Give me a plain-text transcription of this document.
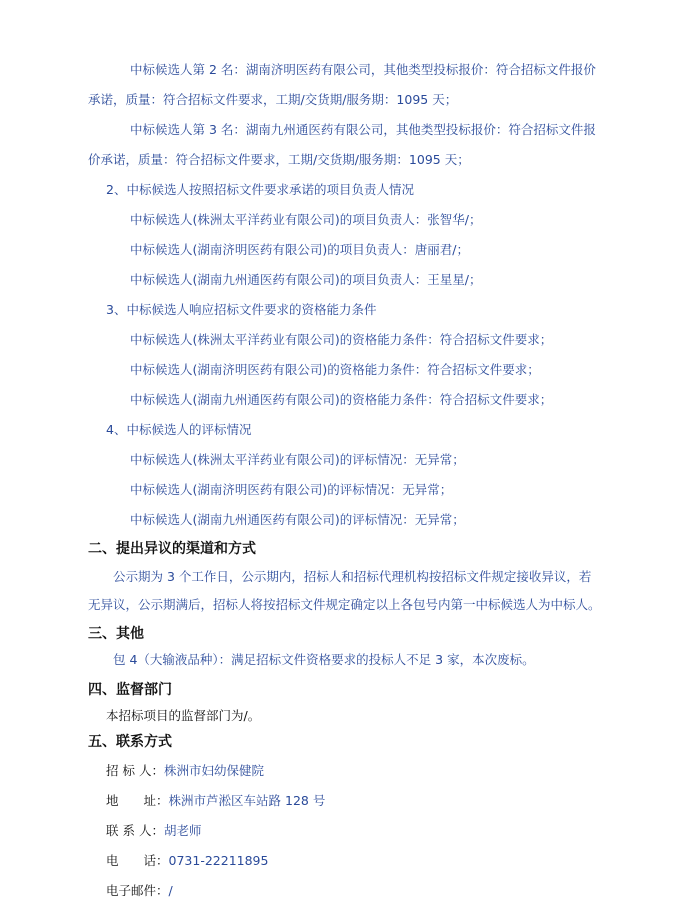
中标候选人第 2 名：湖南济明医药有限公司，其他类型投标报价：符合招标文件报价
承诺，质量：符合招标文件要求，工期/交货期/服务期：1095 天；
中标候选人第 3 名：湖南九州通医药有限公司，其他类型投标报价：符合招标文件报
价承诺，质量：符合招标文件要求，工期/交货期/服务期：1095 天；
2、中标候选人按照招标文件要求承诺的项目负责人情况
中标候选人(株洲太平洋药业有限公司)的项目负责人：张智华/；
中标候选人(湖南济明医药有限公司)的项目负责人：唐丽君/；
中标候选人(湖南九州通医药有限公司)的项目负责人：王星星/；
3、中标候选人响应招标文件要求的资格能力条件
中标候选人(株洲太平洋药业有限公司)的资格能力条件：符合招标文件要求；
中标候选人(湖南济明医药有限公司)的资格能力条件：符合招标文件要求；
中标候选人(湖南九州通医药有限公司)的资格能力条件：符合招标文件要求；
4、中标候选人的评标情况
中标候选人(株洲太平洋药业有限公司)的评标情况：无异常；
中标候选人(湖南济明医药有限公司)的评标情况：无异常；
中标候选人(湖南九州通医药有限公司)的评标情况：无异常；
二、提出异议的渠道和方式
公示期为 3 个工作日，公示期内，招标人和招标代理机构按招标文件规定接收异议，若
无异议，公示期满后，招标人将按招标文件规定确定以上各包号内第一中标候选人为中标人。
三、其他
包 4（大输液品种）：满足招标文件资格要求的投标人不足 3 家，本次废标。
四、监督部门
本招标项目的监督部门为/。
五、联系方式
招 标 人：株洲市妇幼保健院
地　　址：株洲市芦淞区车站路 128 号
联 系 人：胡老师
电　　话：0731-22211895
电子邮件：/
